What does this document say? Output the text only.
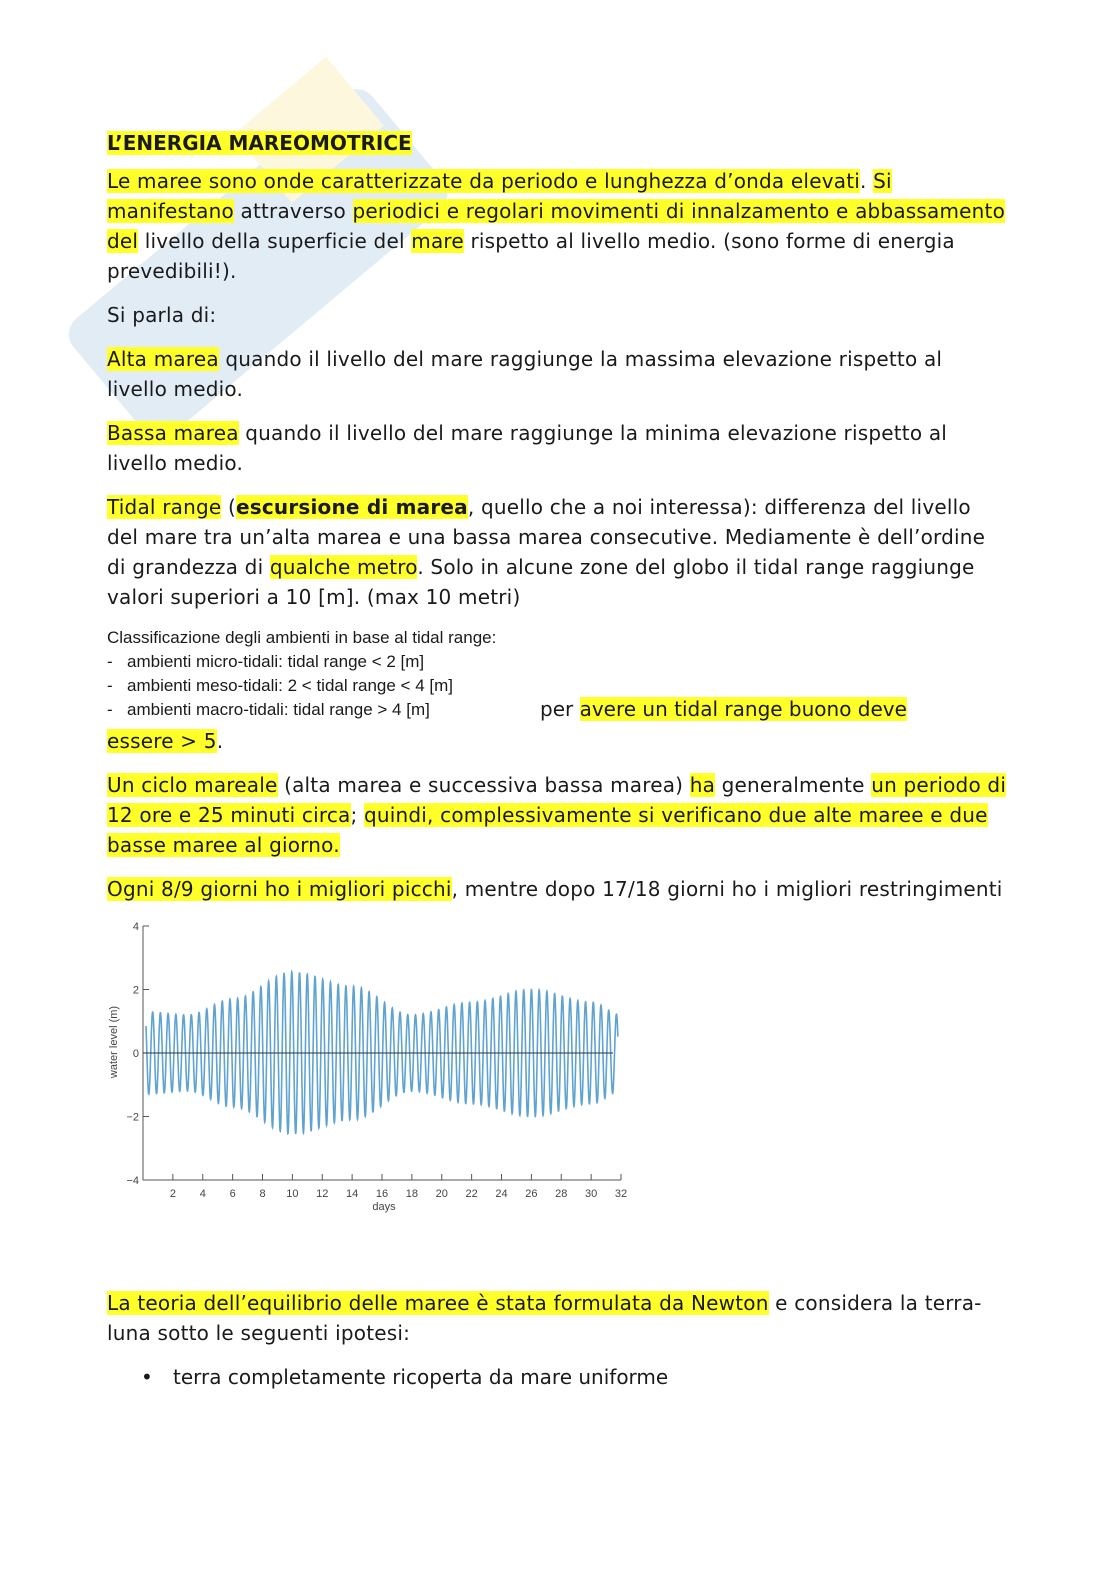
L’ENERGIA MAREOMOTRICE

Le maree sono onde caratterizzate da periodo e lunghezza d’onda elevati. Si manifestano attraverso periodici e regolari movimenti di innalzamento e abbassamento del livello della superficie del mare rispetto al livello medio. (sono forme di energia prevedibili!).

Si parla di:

Alta marea quando il livello del mare raggiunge la massima elevazione rispetto al livello medio.

Bassa marea quando il livello del mare raggiunge la minima elevazione rispetto al livello medio.

Tidal range (escursione di marea, quello che a noi interessa): differenza del livello del mare tra un’alta marea e una bassa marea consecutive. Mediamente è dell’ordine di grandezza di qualche metro. Solo in alcune zone del globo il tidal range raggiunge valori superiori a 10 [m]. (max 10 metri)

Classificazione degli ambienti in base al tidal range:
- ambienti micro-tidali: tidal range < 2 [m]
- ambienti meso-tidali: 2 < tidal range < 4 [m]
- ambienti macro-tidali: tidal range > 4 [m]	per avere un tidal range buono deve

essere > 5.

Un ciclo mareale (alta marea e successiva bassa marea) ha generalmente un periodo di 12 ore e 25 minuti circa; quindi, complessivamente si verificano due alte maree e due basse maree al giorno.

Ogni 8/9 giorni ho i migliori picchi, mentre dopo 17/18 giorni ho i migliori restringimenti

2 4 6 8 10 12 14 16 18 20 22 24 26 28 30 32
−4
−2
0
2
4
water level (m)
days

La teoria dell’equilibrio delle maree è stata formulata da Newton e considera la terra-luna sotto le seguenti ipotesi:

• terra completamente ricoperta da mare uniforme
